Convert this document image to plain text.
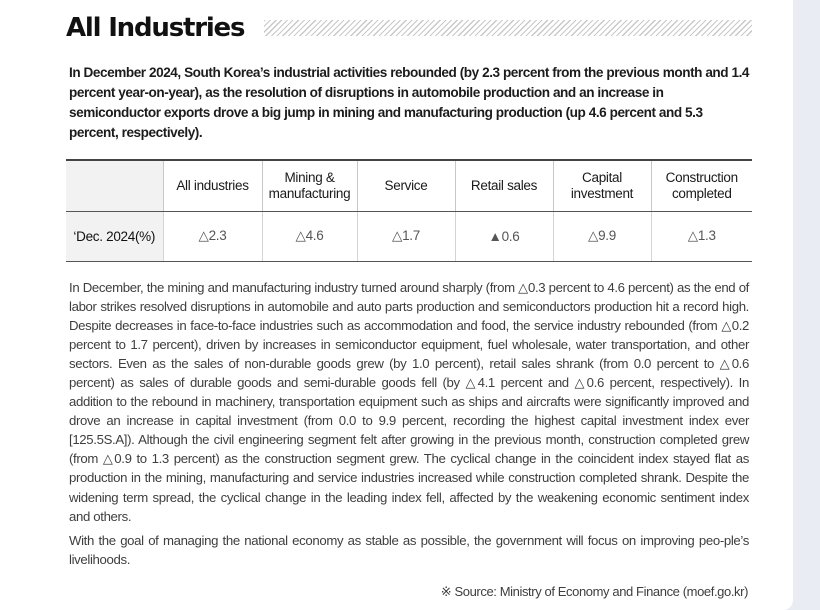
All Industries

In December 2024, South Korea’s industrial activities rebounded (by 2.3 percent from the previous month and 1.4 percent year-on-year), as the resolution of disruptions in automobile production and an increase in semiconductor exports drove a big jump in mining and manufacturing production (up 4.6 percent and 5.3 percent, respectively).

	All industries	Mining & manufacturing	Service	Retail sales	Capital investment	Construction completed
‘Dec. 2024(%)	△2.3	△4.6	△1.7	▲0.6	△9.9	△1.3

In December, the mining and manufacturing industry turned around sharply (from △0.3 percent to 4.6 percent) as the end of labor strikes resolved disruptions in automobile and auto parts production and semiconductors production hit a record high. Despite decreases in face-to-face industries such as accommodation and food, the service industry rebounded (from △0.2 percent to 1.7 percent), driven by increases in semiconductor equipment, fuel wholesale, water transportation, and other sectors. Even as the sales of non-durable goods grew (by 1.0 percent), retail sales shrank (from 0.0 percent to △0.6 percent) as sales of durable goods and semi-durable goods fell (by △4.1 percent and △0.6 percent, respectively). In addition to the rebound in machinery, transportation equipment such as ships and aircrafts were significantly improved and drove an increase in capital investment (from 0.0 to 9.9 percent, recording the highest capital investment index ever [125.5S.A]). Although the civil engineering segment felt after growing in the previous month, construction completed grew (from △0.9 to 1.3 percent) as the construction segment grew. The cyclical change in the coincident index stayed flat as production in the mining, manufacturing and service industries increased while construction completed shrank. Despite the widening term spread, the cyclical change in the leading index fell, affected by the weakening economic sentiment index and others.

With the goal of managing the national economy as stable as possible, the government will focus on improving peo-ple’s livelihoods.

※ Source: Ministry of Economy and Finance (moef.go.kr)
